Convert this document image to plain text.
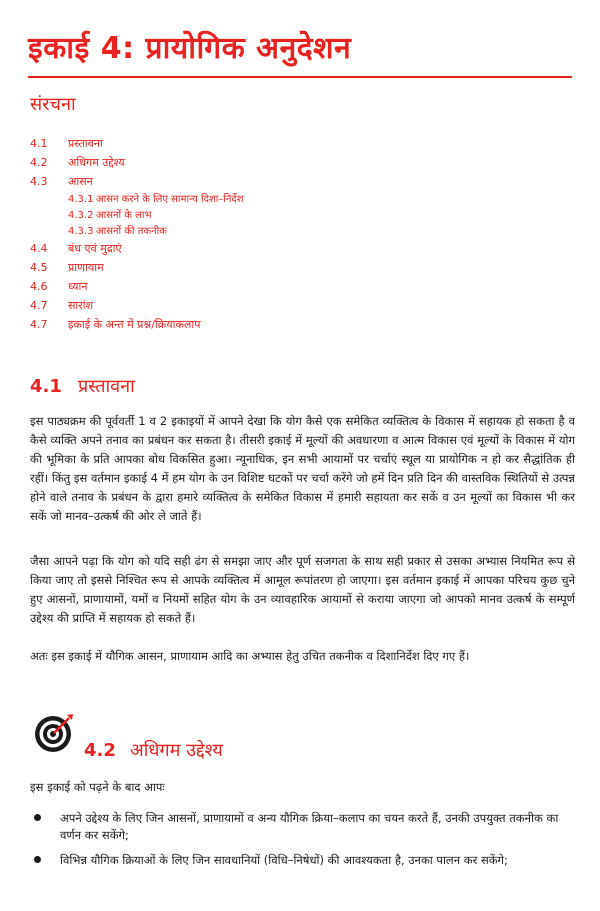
इकाई 4: प्रायोगिक अनुदेशन
संरचना
4.1 प्रस्तावना
4.2 अधिगम उद्देश्य
4.3 आसन
4.3.1 आसन करने के लिए सामान्य दिशा–निर्देश
4.3.2 आसनों के लाभ
4.3.3 आसनों की तकनीक
4.4 बंध एवं मुद्राएं
4.5 प्राणायाम
4.6 ध्यान
4.7 सारांश
4.7 इकाई के अन्त में प्रश्न/क्रियाकलाप
4.1 प्रस्तावना

इस पाठ्यक्रम की पूर्ववर्ती 1 व 2 इकाइयों में आपने देखा कि योग कैसे एक समेकित व्यक्तित्व के विकास में सहायक हो सकता है व कैसे व्यक्ति अपने तनाव का प्रबंधन कर सकता है। तीसरी इकाई में मूल्यों की अवधारणा व आत्म विकास एवं मूल्यों के विकास में योग की भूमिका के प्रति आपका बोध विकसित हुआ। न्यूनाधिक, इन सभी आयामों पर चर्चाएं स्थूल या प्रायोगिक न हो कर सैद्धांतिक ही रहीं। किंतु इस वर्तमान इकाई 4 में हम योग के उन विशिष्ट घटकों पर चर्चा करेंगे जो हमें दिन प्रति दिन की वास्तविक स्थितियों से उत्पन्न होने वाले तनाव के प्रबंधन के द्वारा हमारे व्यक्तित्व के समेकित विकास में हमारी सहायता कर सकें व उन मूल्यों का विकास भी कर सकें जो मानव–उत्कर्ष की ओर ले जाते हैं।

जैसा आपने पढ़ा कि योग को यदि सही ढंग से समझा जाए और पूर्ण सजगता के साथ सही प्रकार से उसका अभ्यास नियमित रूप से किया जाए तो इससे निश्चित रूप से आपके व्यक्तित्व में आमूल रूपांतरण हो जाएगा। इस वर्तमान इकाई में आपका परिचय कुछ चुने हुए आसनों, प्राणायामों, यमों व नियमों सहित योग के उन व्यावहारिक आयामों से कराया जाएगा जो आपको मानव उत्कर्ष के सम्पूर्ण उद्देश्य की प्राप्ति में सहायक हो सकते हैं।

अतः इस इकाई में यौगिक आसन, प्राणायाम आदि का अभ्यास हेतु उचित तकनीक व दिशानिर्देश दिए गए हैं।

4.2 अधिगम उद्देश्य
इस इकाई को पढ़ने के बाद आपः
अपने उद्देश्य के लिए जिन आसनों, प्राणायामों व अन्य यौगिक क्रिया–कलाप का चयन करते हैं, उनकी उपयुक्त तकनीक का वर्णन कर सकेंगे;
विभिन्न यौगिक क्रियाओं के लिए जिन सावधानियों (विधि–निषेधों) की आवश्यकता है, उनका पालन कर सकेंगे;
